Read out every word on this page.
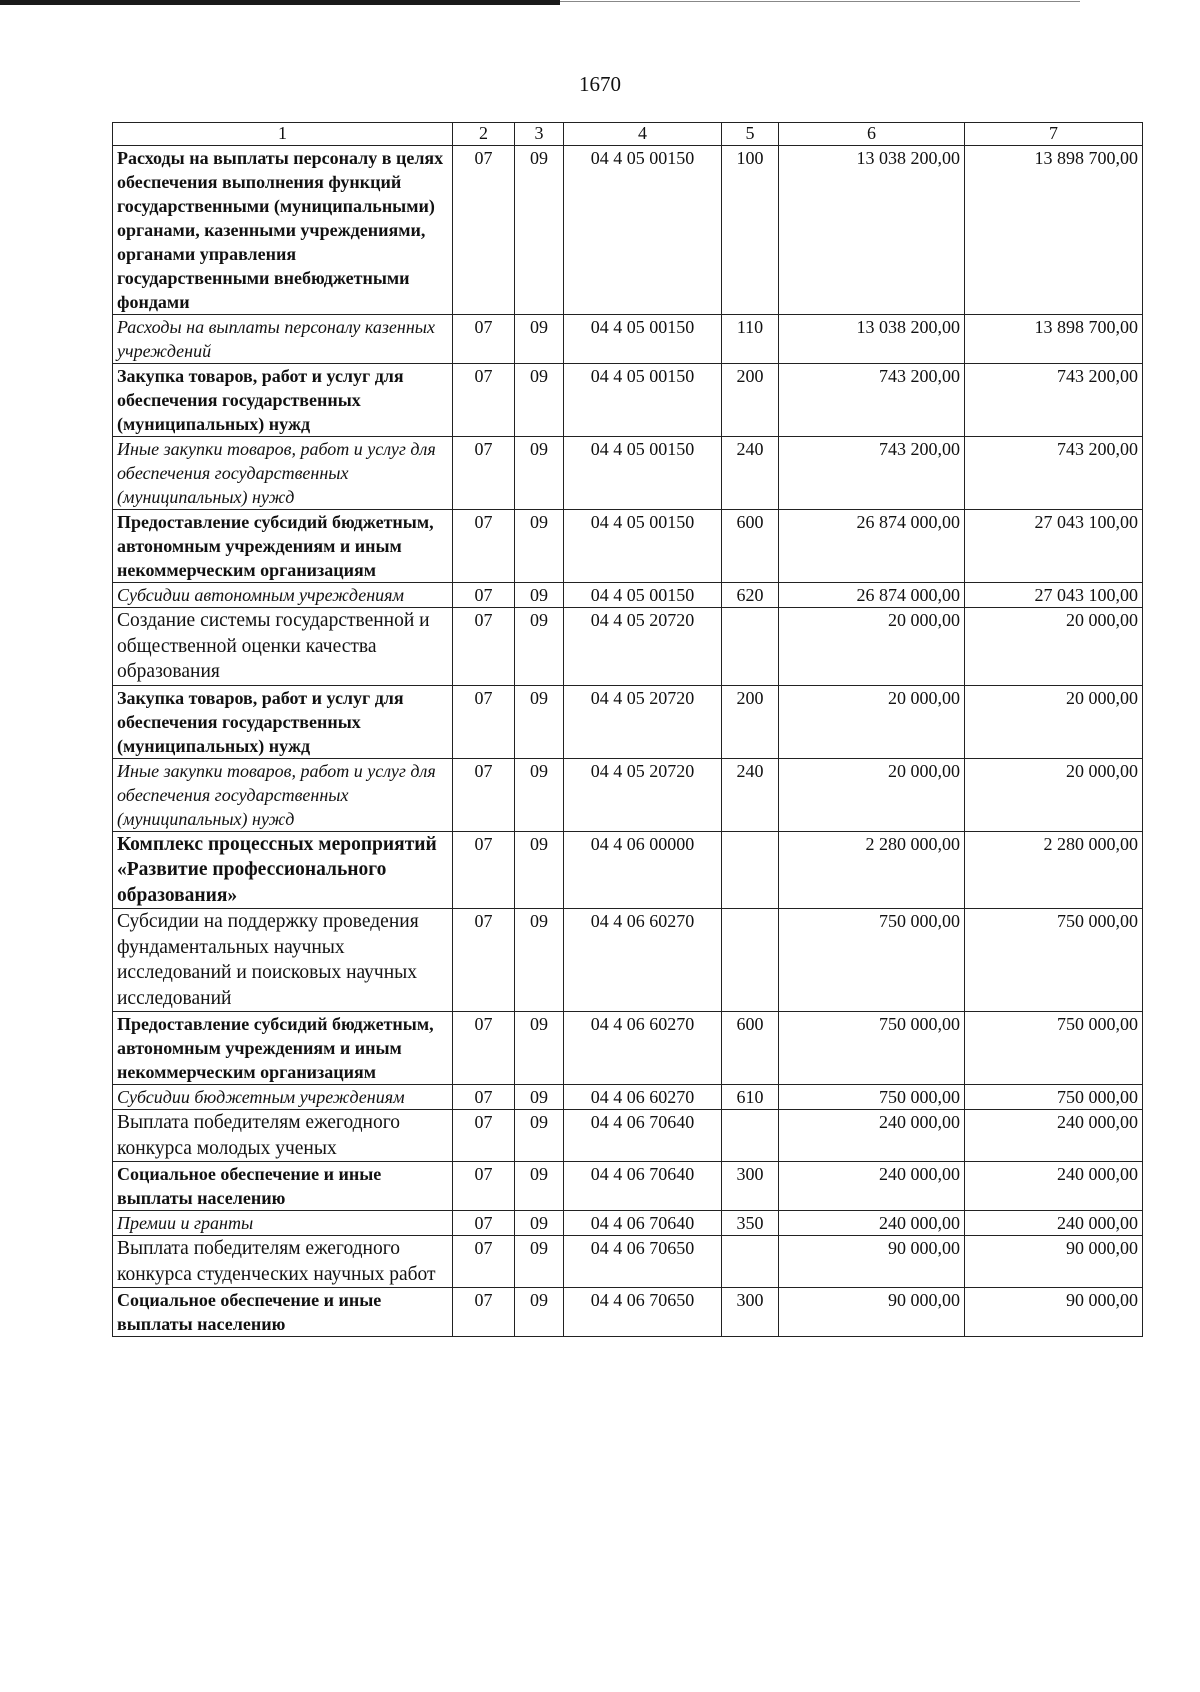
1670
1	2	3	4	5	6	7
Расходы на выплаты персоналу в целях обеспечения выполнения функций государственными (муниципальными) органами, казенными учреждениями, органами управления государственными внебюджетными фондами	07	09	04 4 05 00150	100	13 038 200,00	13 898 700,00
Расходы на выплаты персоналу казенных учреждений	07	09	04 4 05 00150	110	13 038 200,00	13 898 700,00
Закупка товаров, работ и услуг для обеспечения государственных (муниципальных) нужд	07	09	04 4 05 00150	200	743 200,00	743 200,00
Иные закупки товаров, работ и услуг для обеспечения государственных (муниципальных) нужд	07	09	04 4 05 00150	240	743 200,00	743 200,00
Предоставление субсидий бюджетным, автономным учреждениям и иным некоммерческим организациям	07	09	04 4 05 00150	600	26 874 000,00	27 043 100,00
Субсидии автономным учреждениям	07	09	04 4 05 00150	620	26 874 000,00	27 043 100,00
Создание системы государственной и общественной оценки качества образования	07	09	04 4 05 20720		20 000,00	20 000,00
Закупка товаров, работ и услуг для обеспечения государственных (муниципальных) нужд	07	09	04 4 05 20720	200	20 000,00	20 000,00
Иные закупки товаров, работ и услуг для обеспечения государственных (муниципальных) нужд	07	09	04 4 05 20720	240	20 000,00	20 000,00
Комплекс процессных мероприятий «Развитие профессионального образования»	07	09	04 4 06 00000		2 280 000,00	2 280 000,00
Субсидии на поддержку проведения фундаментальных научных исследований и поисковых научных исследований	07	09	04 4 06 60270		750 000,00	750 000,00
Предоставление субсидий бюджетным, автономным учреждениям и иным некоммерческим организациям	07	09	04 4 06 60270	600	750 000,00	750 000,00
Субсидии бюджетным учреждениям	07	09	04 4 06 60270	610	750 000,00	750 000,00
Выплата победителям ежегодного конкурса молодых ученых	07	09	04 4 06 70640		240 000,00	240 000,00
Социальное обеспечение и иные выплаты населению	07	09	04 4 06 70640	300	240 000,00	240 000,00
Премии и гранты	07	09	04 4 06 70640	350	240 000,00	240 000,00
Выплата победителям ежегодного конкурса студенческих научных работ	07	09	04 4 06 70650		90 000,00	90 000,00
Социальное обеспечение и иные выплаты населению	07	09	04 4 06 70650	300	90 000,00	90 000,00
